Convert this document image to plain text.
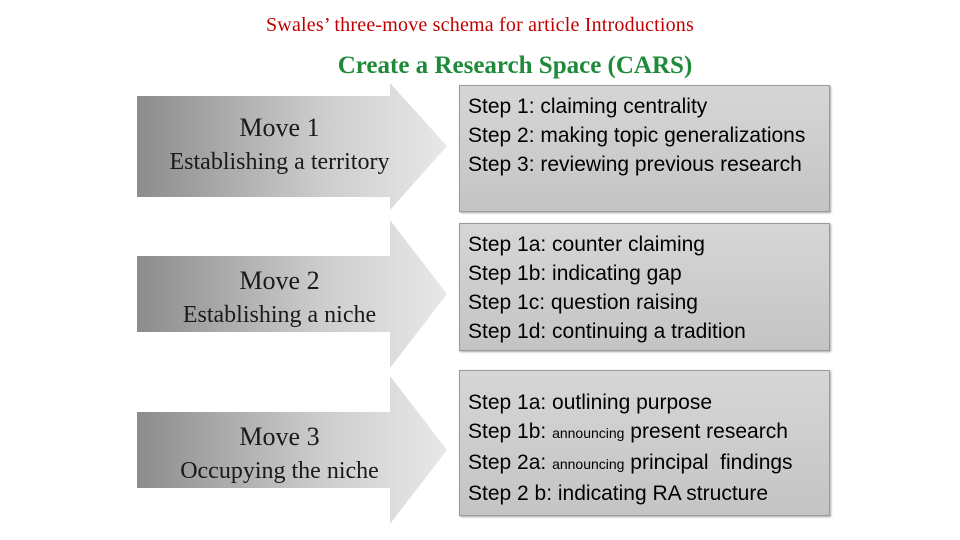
Swales’ three-move schema for article Introductions
Create a Research Space (CARS)
Move 1
Establishing a territory
Step 1: claiming centrality
Step 2: making topic generalizations
Step 3: reviewing previous research
Move 2
Establishing a niche
Step 1a: counter claiming
Step 1b: indicating gap
Step 1c: question raising
Step 1d: continuing a tradition
Move 3
Occupying the niche
Step 1a: outlining purpose
Step 1b: announcing present research
Step 2a: announcing principal  findings
Step 2 b: indicating RA structure
